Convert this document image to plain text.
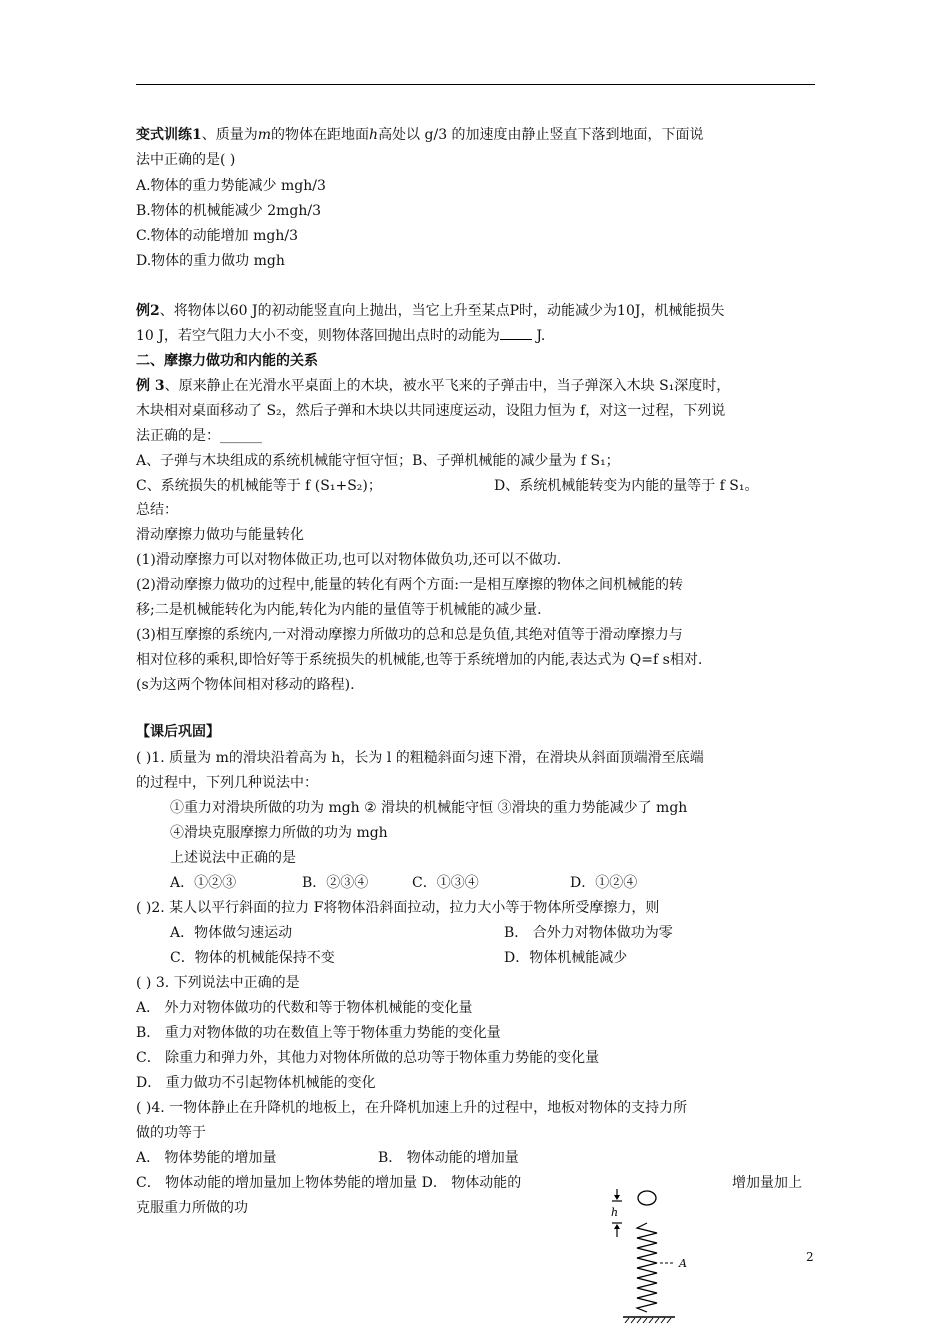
变式训练1、质量为m的物体在距地面h高处以 g/3 的加速度由静止竖直下落到地面，下面说
法中正确的是( )
A.物体的重力势能减少 mgh/3
B.物体的机械能减少 2mgh/3
C.物体的动能增加 mgh/3
D.物体的重力做功 mgh
例2、将物体以60 J的初动能竖直向上抛出，当它上升至某点P时，动能减少为10J，机械能损失
10 J，若空气阻力大小不变，则物体落回抛出点时的动能为 J.
二、摩擦力做功和内能的关系
例 3、原来静止在光滑水平桌面上的木块，被水平飞来的子弹击中，当子弹深入木块 S₁深度时，
木块相对桌面移动了 S₂，然后子弹和木块以共同速度运动，设阻力恒为 f，对这一过程，下列说
法正确的是：______
A、子弹与木块组成的系统机械能守恒守恒；B、子弹机械能的减少量为 f S₁；
C、系统损失的机械能等于 f (S₁+S₂)；	D、系统机械能转变为内能的量等于 f S₁。
总结：
滑动摩擦力做功与能量转化
(1)滑动摩擦力可以对物体做正功,也可以对物体做负功,还可以不做功.
(2)滑动摩擦力做功的过程中,能量的转化有两个方面:一是相互摩擦的物体之间机械能的转
移;二是机械能转化为内能,转化为内能的量值等于机械能的减少量.
(3)相互摩擦的系统内,一对滑动摩擦力所做功的总和总是负值,其绝对值等于滑动摩擦力与
相对位移的乘积,即恰好等于系统损失的机械能,也等于系统增加的内能,表达式为 Q=f s相对.
(s为这两个物体间相对移动的路程).
【课后巩固】
( )1. 质量为 m的滑块沿着高为 h，长为 l 的粗糙斜面匀速下滑，在滑块从斜面顶端滑至底端
的过程中，下列几种说法中：
①重力对滑块所做的功为 mgh ② 滑块的机械能守恒 ③滑块的重力势能减少了 mgh
④滑块克服摩擦力所做的功为 mgh
上述说法中正确的是
A．①②③	B．②③④	C．①③④	D．①②④
( )2. 某人以平行斜面的拉力 F将物体沿斜面拉动，拉力大小等于物体所受摩擦力，则
A．物体做匀速运动	B． 合外力对物体做功为零
C．物体的机械能保持不变	D．物体机械能减少
( ) 3. 下列说法中正确的是
A． 外力对物体做功的代数和等于物体机械能的变化量
B． 重力对物体做的功在数值上等于物体重力势能的变化量
C． 除重力和弹力外，其他力对物体所做的总功等于物体重力势能的变化量
D． 重力做功不引起物体机械能的变化
( )4. 一物体静止在升降机的地板上，在升降机加速上升的过程中，地板对物体的支持力所
做的功等于
A． 物体势能的增加量	B． 物体动能的增加量
C． 物体动能的增加量加上物体势能的增加量 D． 物体动能的	增加量加上
克服重力所做的功
2
h
A
